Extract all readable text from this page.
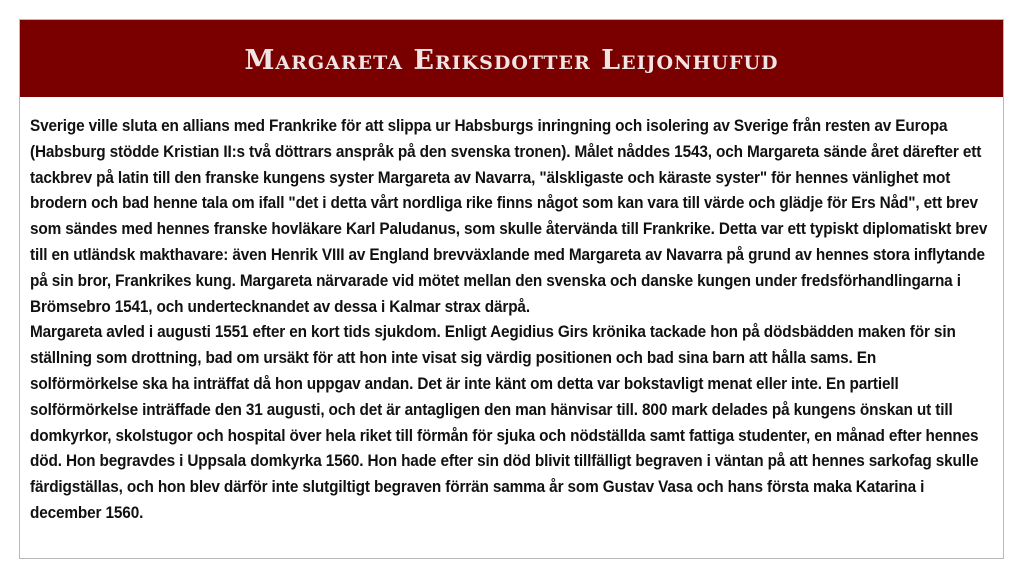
Margareta Eriksdotter Leijonhufud

Sverige ville sluta en allians med Frankrike för att slippa ur Habsburgs inringning och isolering av Sverige från resten av Europa (Habsburg stödde Kristian II:s två döttrars anspråk på den svenska tronen). Målet nåddes 1543, och Margareta sände året därefter ett tackbrev på latin till den franske kungens syster Margareta av Navarra, "älskligaste och käraste syster" för hennes vänlighet mot brodern och bad henne tala om ifall "det i detta vårt nordliga rike finns något som kan vara till värde och glädje för Ers Nåd", ett brev som sändes med hennes franske hovläkare Karl Paludanus, som skulle återvända till Frankrike. Detta var ett typiskt diplomatiskt brev till en utländsk makthavare: även Henrik VIII av England brevväxlande med Margareta av Navarra på grund av hennes stora inflytande på sin bror, Frankrikes kung. Margareta närvarade vid mötet mellan den svenska och danske kungen under fredsförhandlingarna i Brömsebro 1541, och undertecknandet av dessa i Kalmar strax därpå.

Margareta avled i augusti 1551 efter en kort tids sjukdom. Enligt Aegidius Girs krönika tackade hon på dödsbädden maken för sin ställning som drottning, bad om ursäkt för att hon inte visat sig värdig positionen och bad sina barn att hålla sams. En solförmörkelse ska ha inträffat då hon uppgav andan. Det är inte känt om detta var bokstavligt menat eller inte. En partiell solförmörkelse inträffade den 31 augusti, och det är antagligen den man hänvisar till. 800 mark delades på kungens önskan ut till domkyrkor, skolstugor och hospital över hela riket till förmån för sjuka och nödställda samt fattiga studenter, en månad efter hennes död. Hon begravdes i Uppsala domkyrka 1560. Hon hade efter sin död blivit tillfälligt begraven i väntan på att hennes sarkofag skulle färdigställas, och hon blev därför inte slutgiltigt begraven förrän samma år som Gustav Vasa och hans första maka Katarina i december 1560.
